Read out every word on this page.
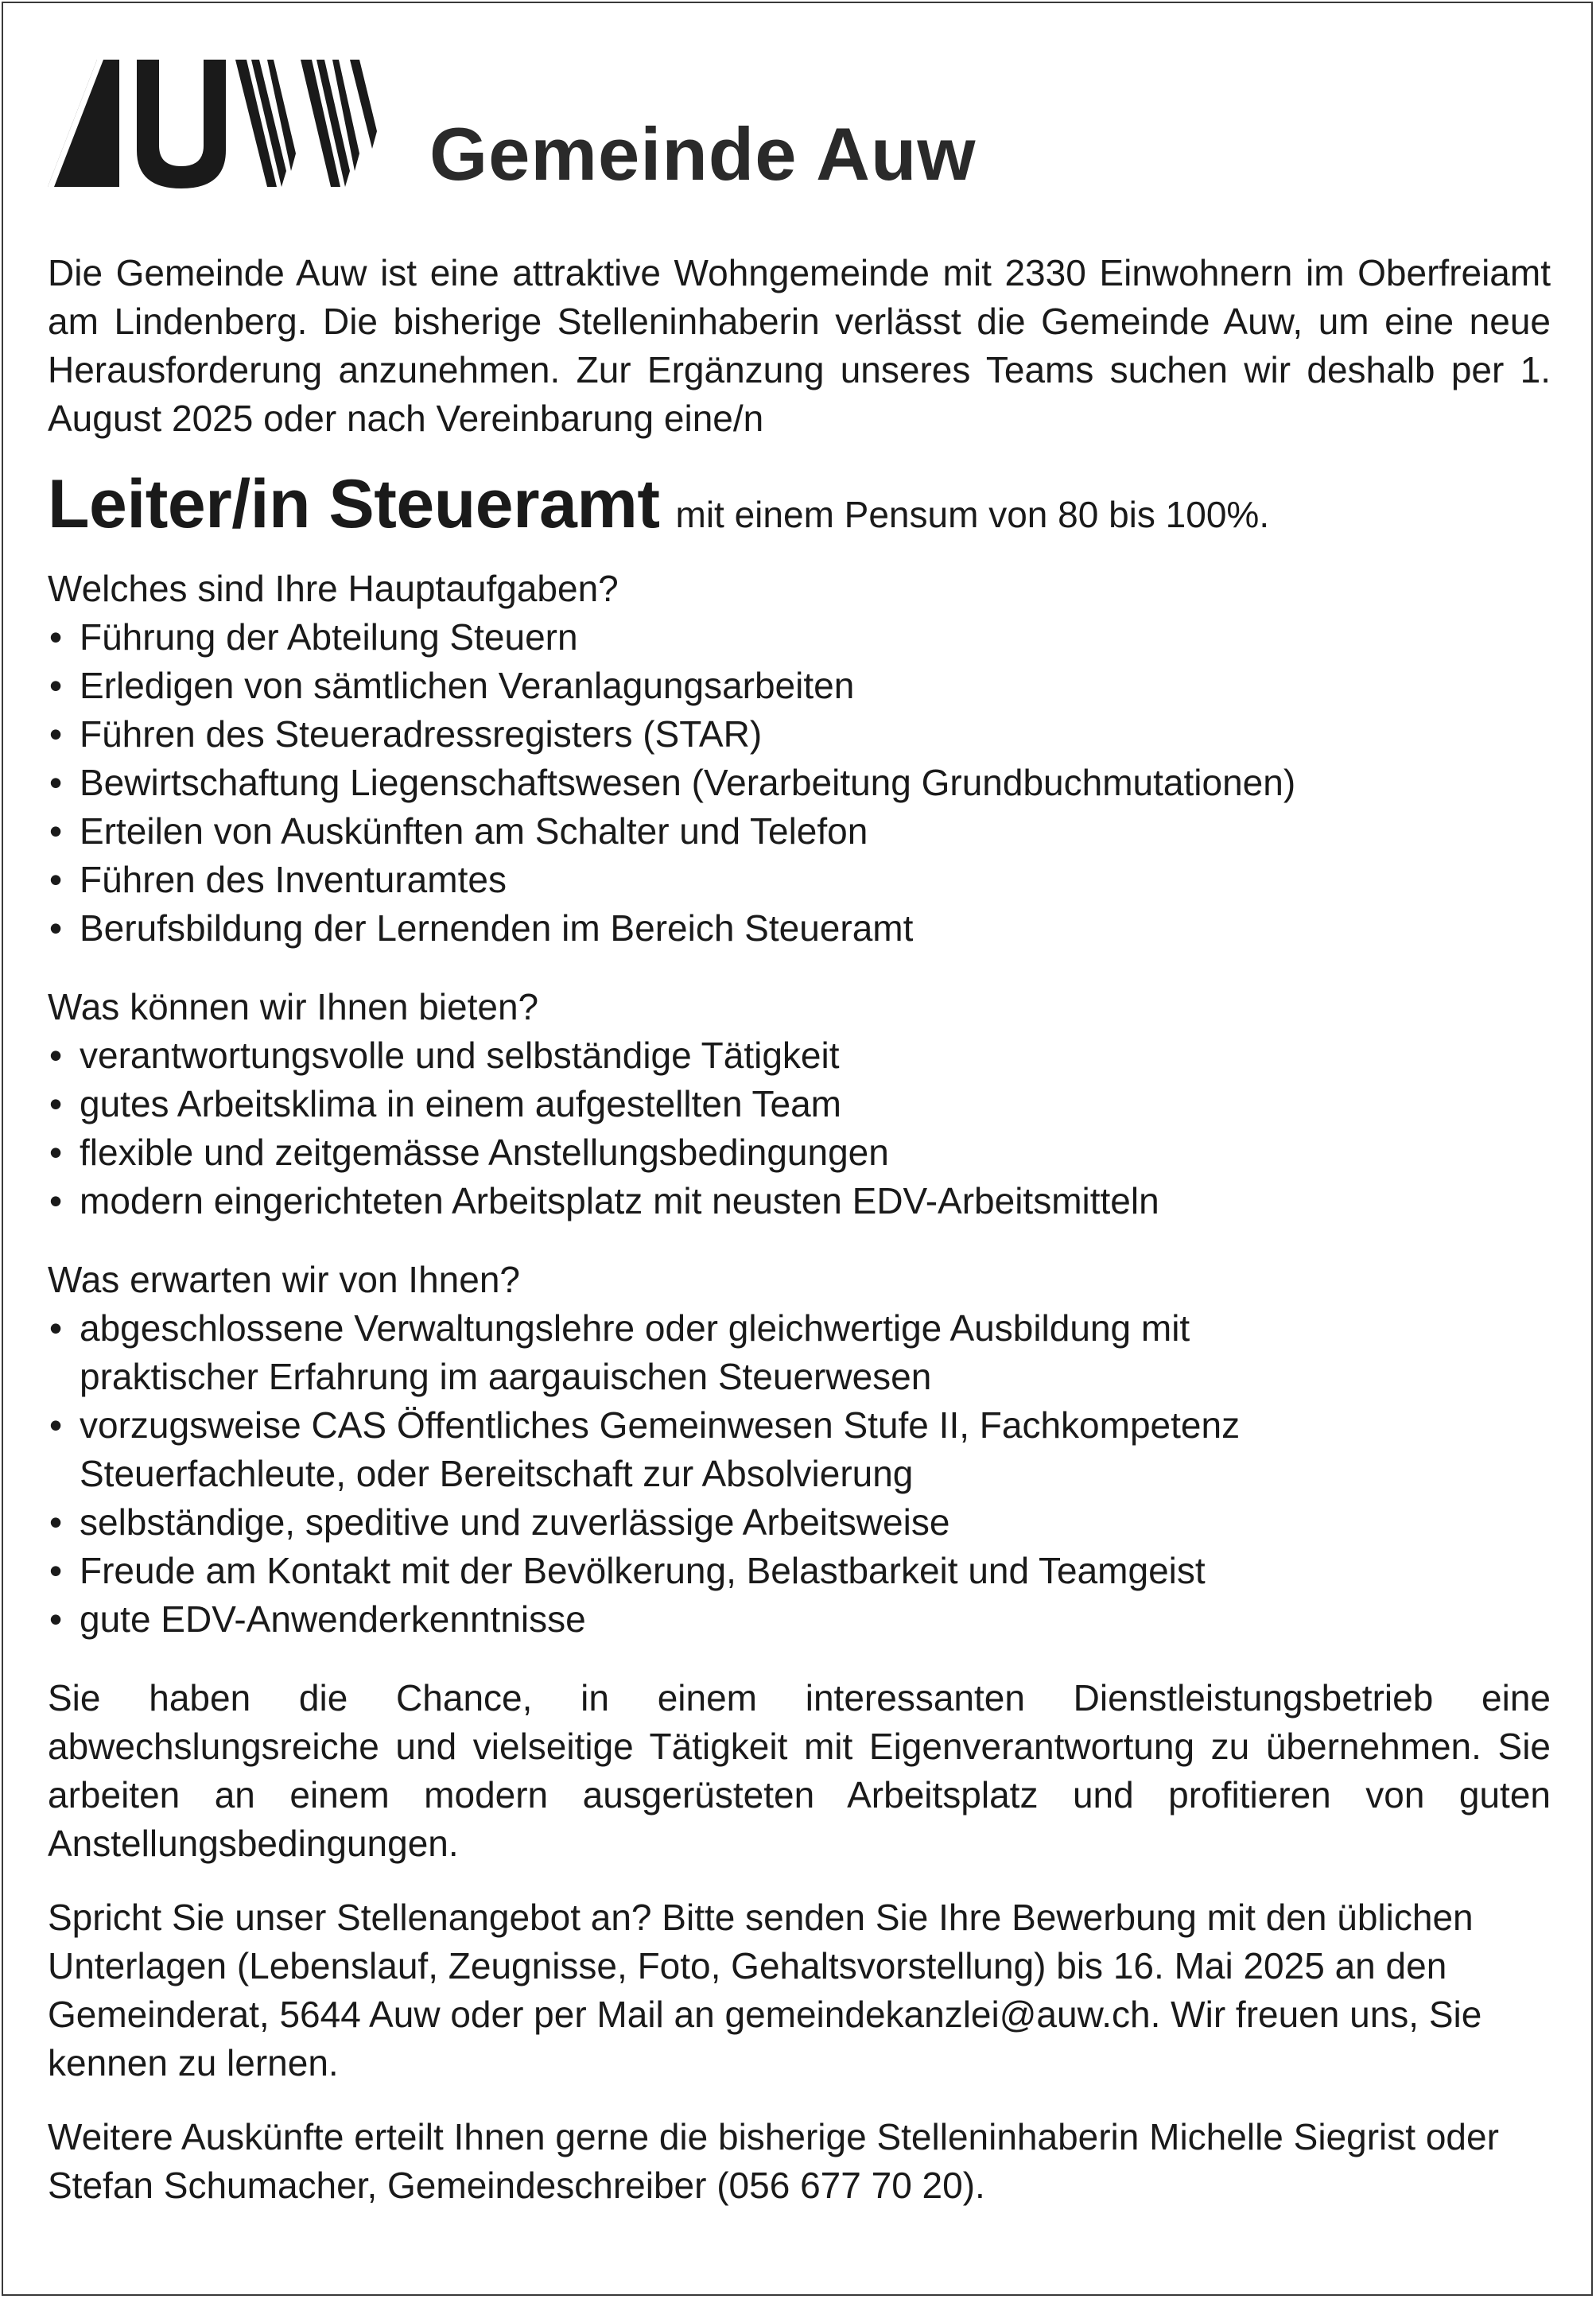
Gemeinde Auw

Die Gemeinde Auw ist eine attraktive Wohngemeinde mit 2330 Einwohnern im Oberfreiamt am Lindenberg. Die bisherige Stelleninhaberin verlässt die Gemeinde Auw, um eine neue Herausforderung anzunehmen. Zur Ergänzung unseres Teams suchen wir deshalb per 1. August 2025 oder nach Vereinbarung eine/n

Leiter/in Steueramt mit einem Pensum von 80 bis 100%.
Welches sind Ihre Hauptaufgaben?
• Führung der Abteilung Steuern
• Erledigen von sämtlichen Veranlagungsarbeiten
• Führen des Steueradressregisters (STAR)
• Bewirtschaftung Liegenschaftswesen (Verarbeitung Grundbuchmutationen)
• Erteilen von Auskünften am Schalter und Telefon
• Führen des Inventuramtes
• Berufsbildung der Lernenden im Bereich Steueramt
Was können wir Ihnen bieten?
• verantwortungsvolle und selbständige Tätigkeit
• gutes Arbeitsklima in einem aufgestellten Team
• flexible und zeitgemässe Anstellungsbedingungen
• modern eingerichteten Arbeitsplatz mit neusten EDV-Arbeitsmitteln
Was erwarten wir von Ihnen?
• abgeschlossene Verwaltungslehre oder gleichwertige Ausbildung mit praktischer Erfahrung im aargauischen Steuerwesen
• vorzugsweise CAS Öffentliches Gemeinwesen Stufe II, Fachkompetenz Steuerfachleute, oder Bereitschaft zur Absolvierung
• selbständige, speditive und zuverlässige Arbeitsweise
• Freude am Kontakt mit der Bevölkerung, Belastbarkeit und Teamgeist
• gute EDV-Anwenderkenntnisse

Sie haben die Chance, in einem interessanten Dienstleistungsbetrieb eine abwechslungsreiche und vielseitige Tätigkeit mit Eigenverantwortung zu übernehmen. Sie arbeiten an einem modern ausgerüsteten Arbeitsplatz und profitieren von guten Anstellungsbedingungen.

Spricht Sie unser Stellenangebot an? Bitte senden Sie Ihre Bewerbung mit den üblichen Unterlagen (Lebenslauf, Zeugnisse, Foto, Gehaltsvorstellung) bis 16. Mai 2025 an den Gemeinderat, 5644 Auw oder per Mail an gemeindekanzlei@auw.ch. Wir freuen uns, Sie kennen zu lernen.

Weitere Auskünfte erteilt Ihnen gerne die bisherige Stelleninhaberin Michelle Siegrist oder Stefan Schumacher, Gemeindeschreiber (056 677 70 20).
